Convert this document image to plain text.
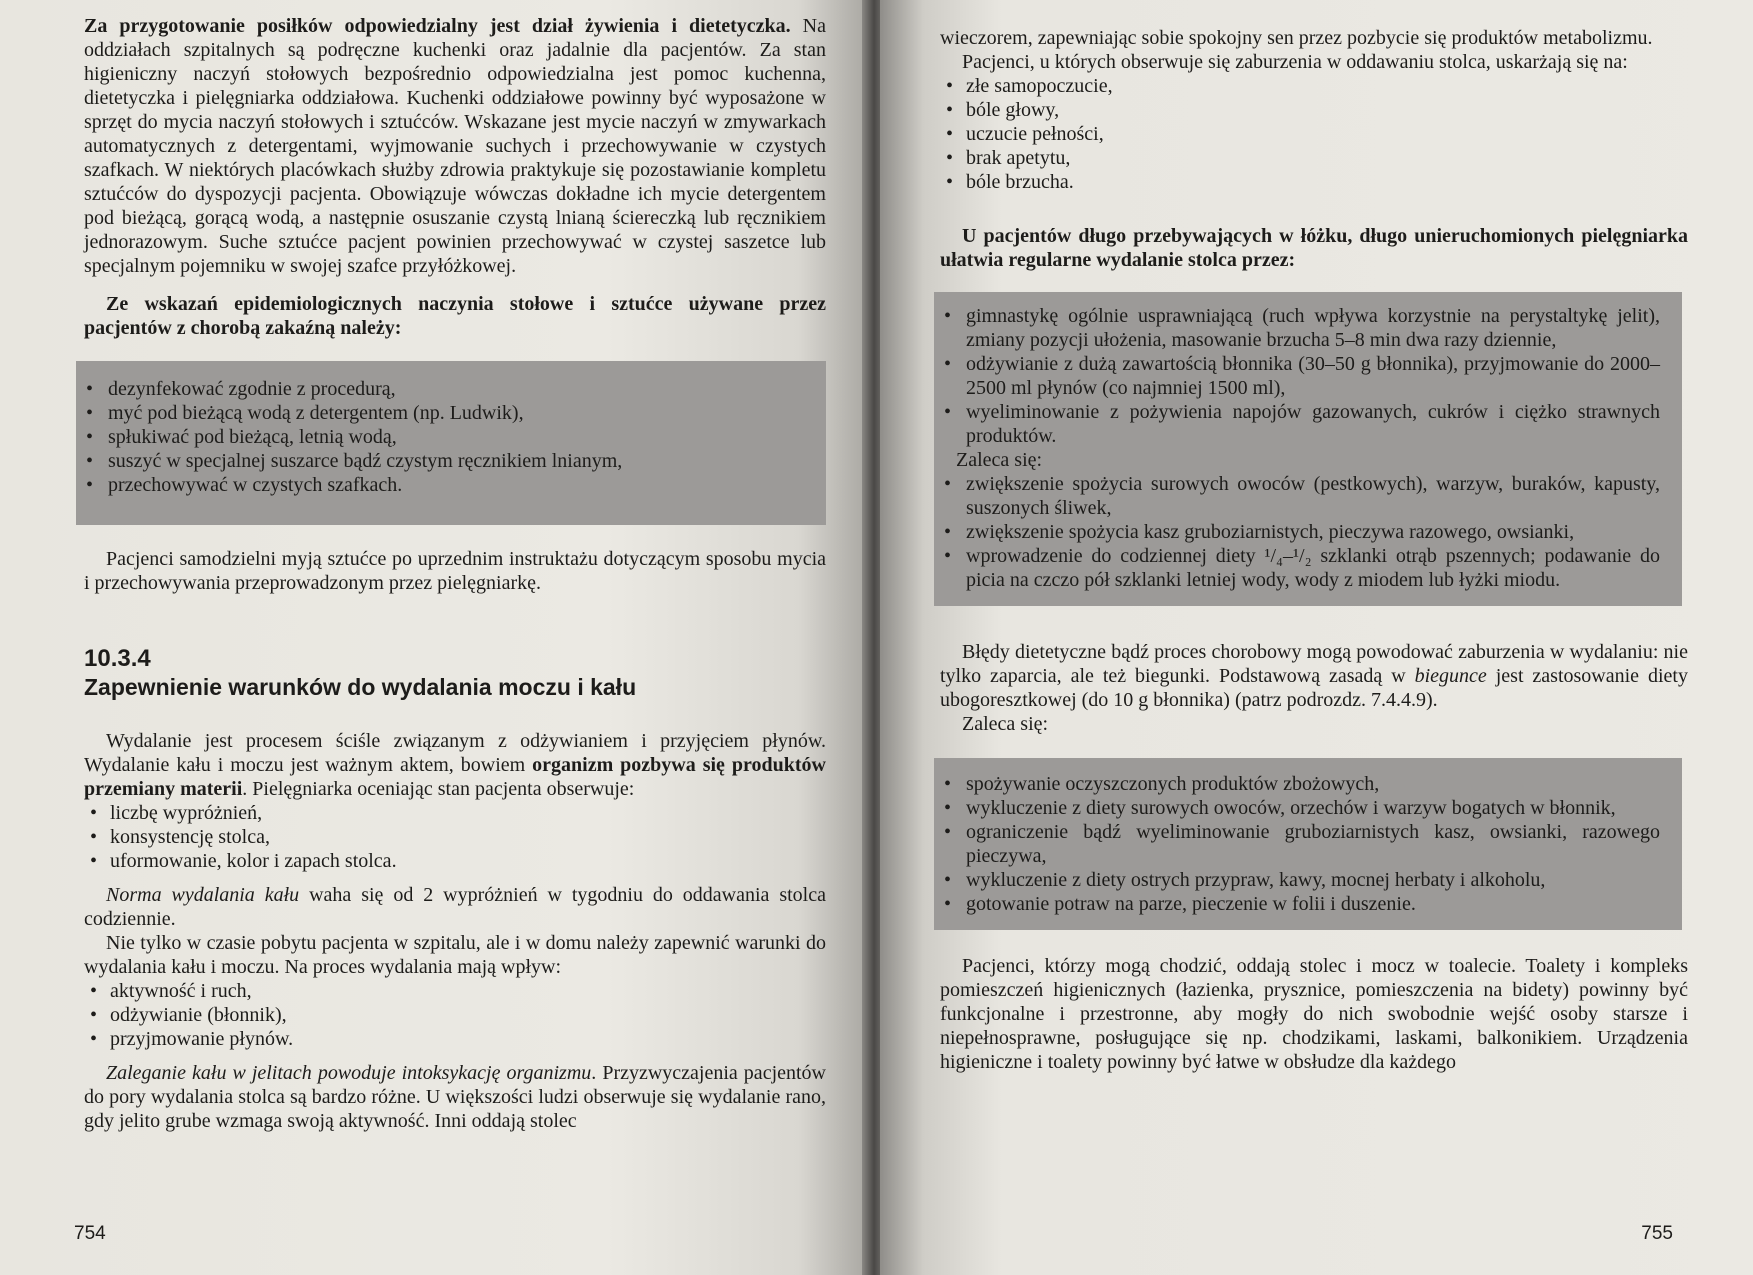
Za przygotowanie posiłków odpowiedzialny jest dział żywienia i dietetyczka. Na oddziałach szpitalnych są podręczne kuchenki oraz jadalnie dla pacjentów. Za stan higieniczny naczyń stołowych bezpośrednio odpowiedzialna jest pomoc kuchenna, dietetyczka i pielęgniarka oddziałowa. Kuchenki oddziałowe powinny być wyposażone w sprzęt do mycia naczyń stołowych i sztućców. Wskazane jest mycie naczyń w zmywarkach automatycznych z detergentami, wyjmowanie suchych i przechowywanie w czystych szafkach. W niektórych placówkach służby zdrowia praktykuje się pozostawianie kompletu sztućców do dyspozycji pacjenta. Obowiązuje wówczas dokładne ich mycie detergentem pod bieżącą, gorącą wodą, a następnie osuszanie czystą lnianą ściereczką lub ręcznikiem jednorazowym. Suche sztućce pacjent powinien przechowywać w czystej saszetce lub specjalnym pojemniku w swojej szafce przyłóżkowej.

Ze wskazań epidemiologicznych naczynia stołowe i sztućce używane przez pacjentów z chorobą zakaźną należy:

• dezynfekować zgodnie z procedurą,
• myć pod bieżącą wodą z detergentem (np. Ludwik),
• spłukiwać pod bieżącą, letnią wodą,
• suszyć w specjalnej suszarce bądź czystym ręcznikiem lnianym,
• przechowywać w czystych szafkach.

Pacjenci samodzielni myją sztućce po uprzednim instruktażu dotyczącym sposobu mycia i przechowywania przeprowadzonym przez pielęgniarkę.

10.3.4

Zapewnienie warunków do wydalania moczu i kału

Wydalanie jest procesem ściśle związanym z odżywianiem i przyjęciem płynów. Wydalanie kału i moczu jest ważnym aktem, bowiem organizm pozbywa się produktów przemiany materii. Pielęgniarka oceniając stan pacjenta obserwuje:

• liczbę wypróżnień,
• konsystencję stolca,
• uformowanie, kolor i zapach stolca.

Norma wydalania kału waha się od 2 wypróżnień w tygodniu do oddawania stolca codziennie.

Nie tylko w czasie pobytu pacjenta w szpitalu, ale i w domu należy zapewnić warunki do wydalania kału i moczu. Na proces wydalania mają wpływ:

• aktywność i ruch,
• odżywianie (błonnik),
• przyjmowanie płynów.

Zaleganie kału w jelitach powoduje intoksykację organizmu. Przyzwyczajenia pacjentów do pory wydalania stolca są bardzo różne. U większości ludzi obserwuje się wydalanie rano, gdy jelito grube wzmaga swoją aktywność. Inni oddają stolec

754

wieczorem, zapewniając sobie spokojny sen przez pozbycie się produktów metabolizmu.

Pacjenci, u których obserwuje się zaburzenia w oddawaniu stolca, uskarżają się na:

• złe samopoczucie,
• bóle głowy,
• uczucie pełności,
• brak apetytu,
• bóle brzucha.

U pacjentów długo przebywających w łóżku, długo unieruchomionych pielęgniarka ułatwia regularne wydalanie stolca przez:

• gimnastykę ogólnie usprawniającą (ruch wpływa korzystnie na perystaltykę jelit), zmiany pozycji ułożenia, masowanie brzucha 5–8 min dwa razy dziennie,
• odżywianie z dużą zawartością błonnika (30–50 g błonnika), przyjmowanie do 2000–2500 ml płynów (co najmniej 1500 ml),
• wyeliminowanie z pożywienia napojów gazowanych, cukrów i ciężko strawnych produktów.

Zaleca się:

• zwiększenie spożycia surowych owoców (pestkowych), warzyw, buraków, kapusty, suszonych śliwek,
• zwiększenie spożycia kasz gruboziarnistych, pieczywa razowego, owsianki,
• wprowadzenie do codziennej diety ¹/₄–¹/₂ szklanki otrąb pszennych; podawanie do picia na czczo pół szklanki letniej wody, wody z miodem lub łyżki miodu.

Błędy dietetyczne bądź proces chorobowy mogą powodować zaburzenia w wydalaniu: nie tylko zaparcia, ale też biegunki. Podstawową zasadą w biegunce jest zastosowanie diety ubogoresztkowej (do 10 g błonnika) (patrz podrozdz. 7.4.4.9).

Zaleca się:

• spożywanie oczyszczonych produktów zbożowych,
• wykluczenie z diety surowych owoców, orzechów i warzyw bogatych w błonnik,
• ograniczenie bądź wyeliminowanie gruboziarnistych kasz, owsianki, razowego pieczywa,
• wykluczenie z diety ostrych przypraw, kawy, mocnej herbaty i alkoholu,
• gotowanie potraw na parze, pieczenie w folii i duszenie.

Pacjenci, którzy mogą chodzić, oddają stolec i mocz w toalecie. Toalety i kompleks pomieszczeń higienicznych (łazienka, prysznice, pomieszczenia na bidety) powinny być funkcjonalne i przestronne, aby mogły do nich swobodnie wejść osoby starsze i niepełnosprawne, posługujące się np. chodzikami, laskami, balkonikiem. Urządzenia higieniczne i toalety powinny być łatwe w obsłudze dla każdego

755
